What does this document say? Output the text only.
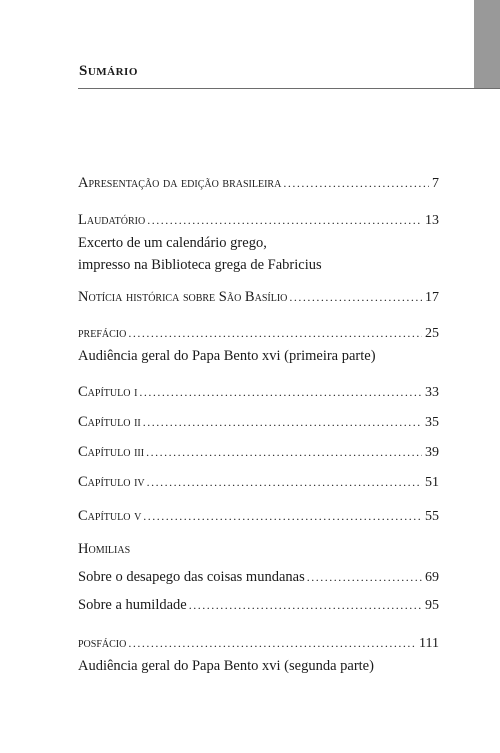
Sumário
Apresentação da edição brasileira .....	7
Laudatório .....	13
Excerto de um calendário grego,
impresso na Biblioteca grega de Fabricius
Notícia histórica sobre São Basílio .....	17
prefácio .....	25
Audiência geral do Papa Bento xvi (primeira parte)
Capítulo i .....	33
Capítulo ii .....	35
Capítulo iii .....	39
Capítulo iv .....	51
Capítulo v .....	55
Homilias
Sobre o desapego das coisas mundanas .....	69
Sobre a humildade .....	95
posfácio .....	111
Audiência geral do Papa Bento xvi (segunda parte)
